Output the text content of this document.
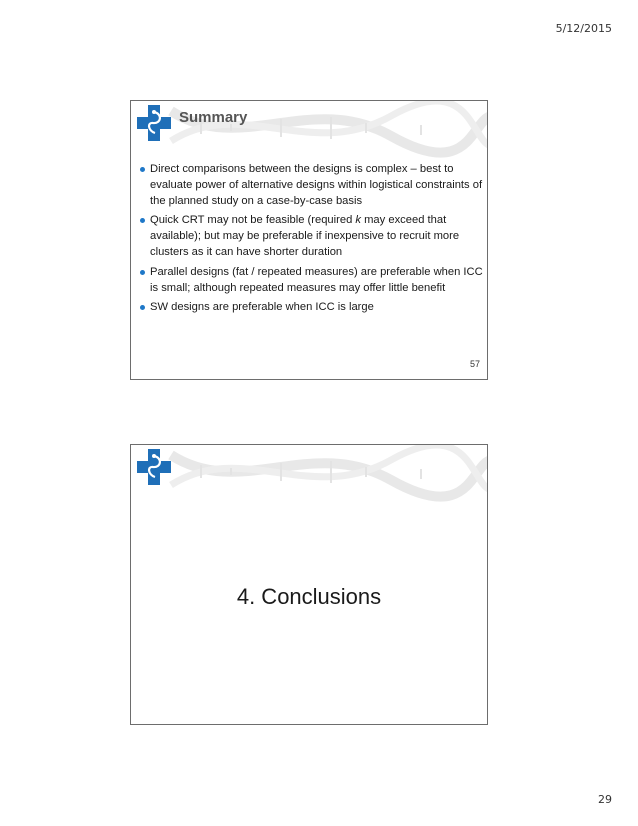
5/12/2015
Summary
Direct comparisons between the designs is complex – best to evaluate power of alternative designs within logistical constraints of the planned study on a case-by-case basis
Quick CRT may not be feasible (required k may exceed that available); but may be preferable if inexpensive to recruit more clusters as it can have shorter duration
Parallel designs (fat / repeated measures) are preferable when ICC is small; although repeated measures may offer little benefit
SW designs are preferable when ICC is large
57
4. Conclusions
29
